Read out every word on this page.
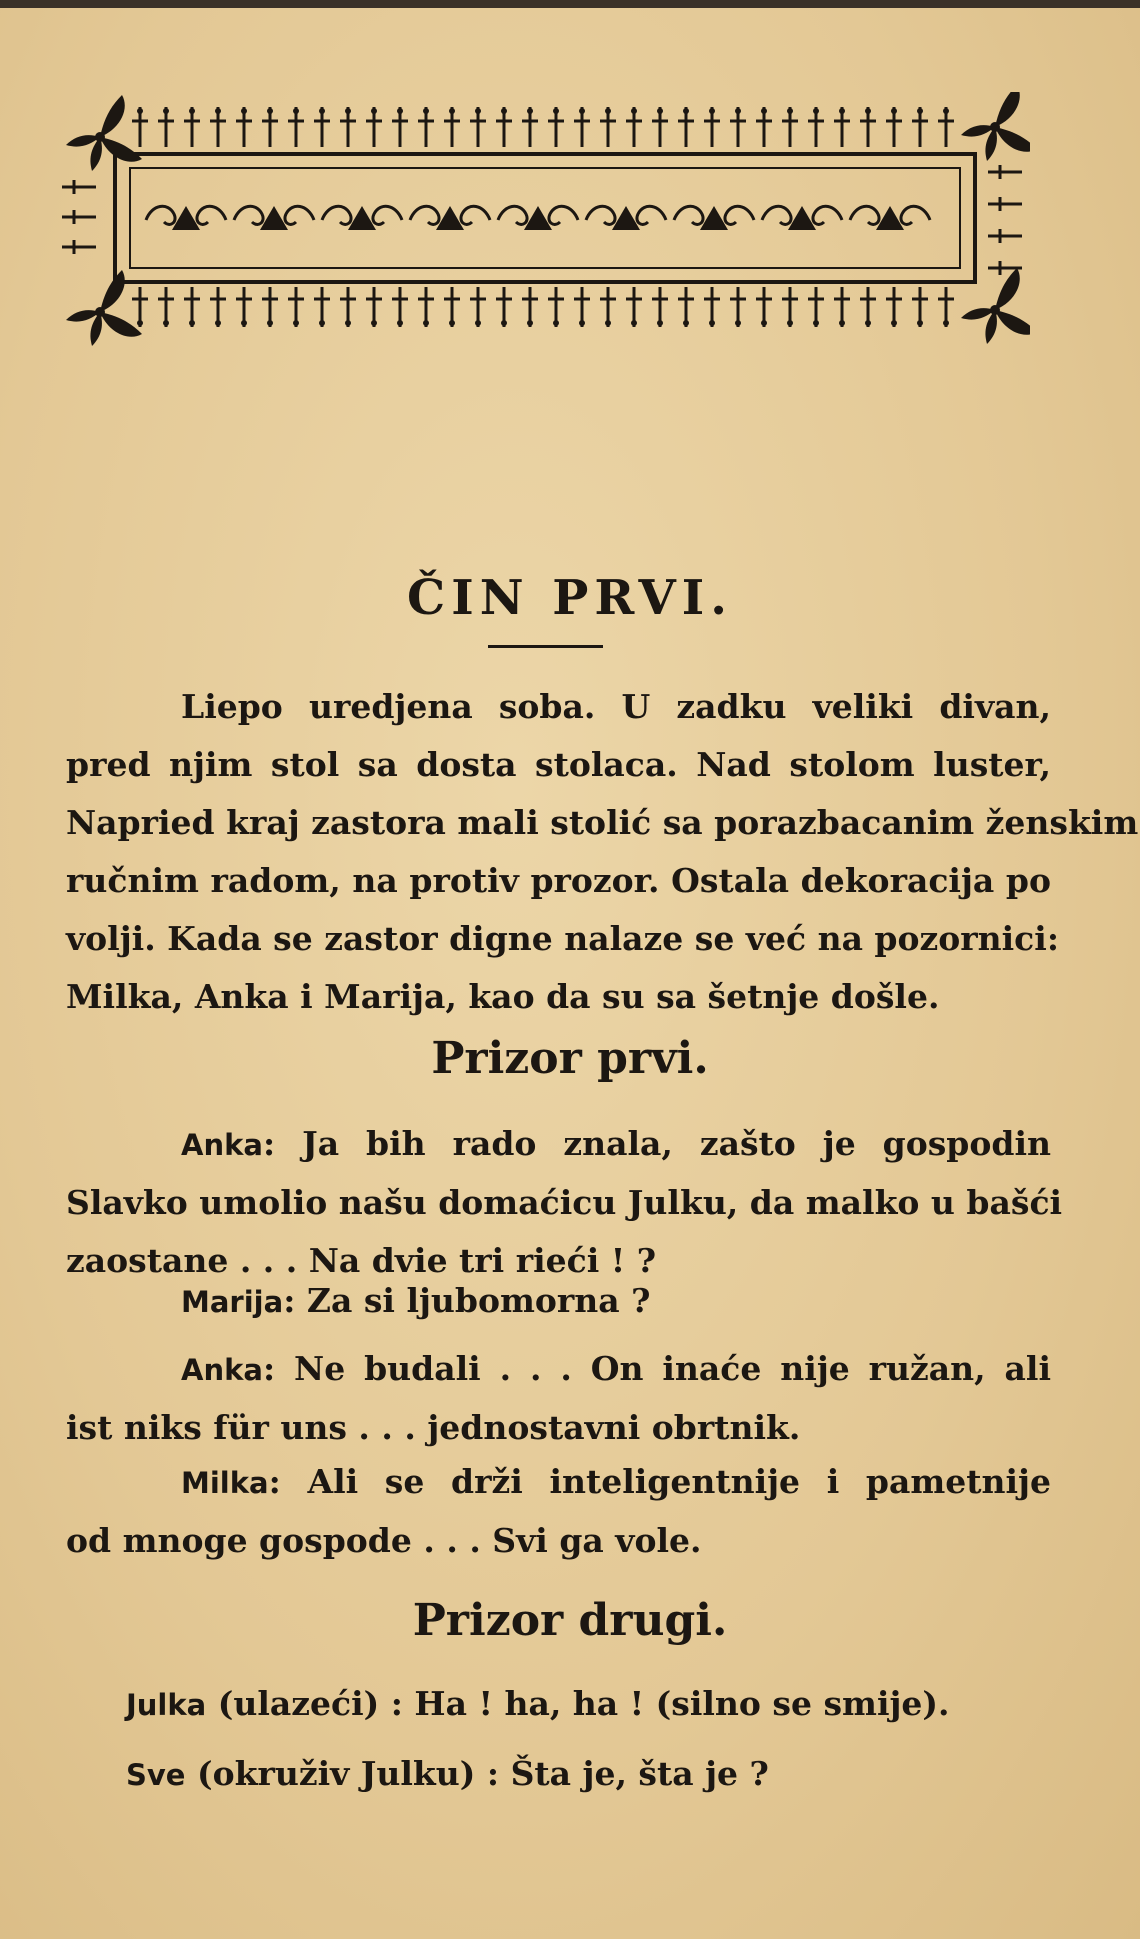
ČIN PRVI.
Liepo uredjena soba. U zadku veliki divan,
pred njim stol sa dosta stolaca. Nad stolom luster,
Napried kraj zastora mali stolić sa porazbacanim ženskim
ručnim radom, na protiv prozor. Ostala dekoracija po
volji. Kada se zastor digne nalaze se već na pozornici:
Milka, Anka i Marija, kao da su sa šetnje došle.
Prizor prvi.
Anka: Ja bih rado znala, zašto je gospodin
Slavko umolio našu domaćicu Julku, da malko u bašći
zaostane . . . Na dvie tri rieći ! ?
Marija: Za si ljubomorna ?
Anka: Ne budali . . . On inaće nije ružan, ali
ist niks für uns . . . jednostavni obrtnik.
Milka: Ali se drži inteligentnije i pametnije
od mnoge gospode . . . Svi ga vole.
Prizor drugi.
Julka (ulazeći) : Ha ! ha, ha ! (silno se smije).
Sve (okruživ Julku) : Šta je, šta je ?
